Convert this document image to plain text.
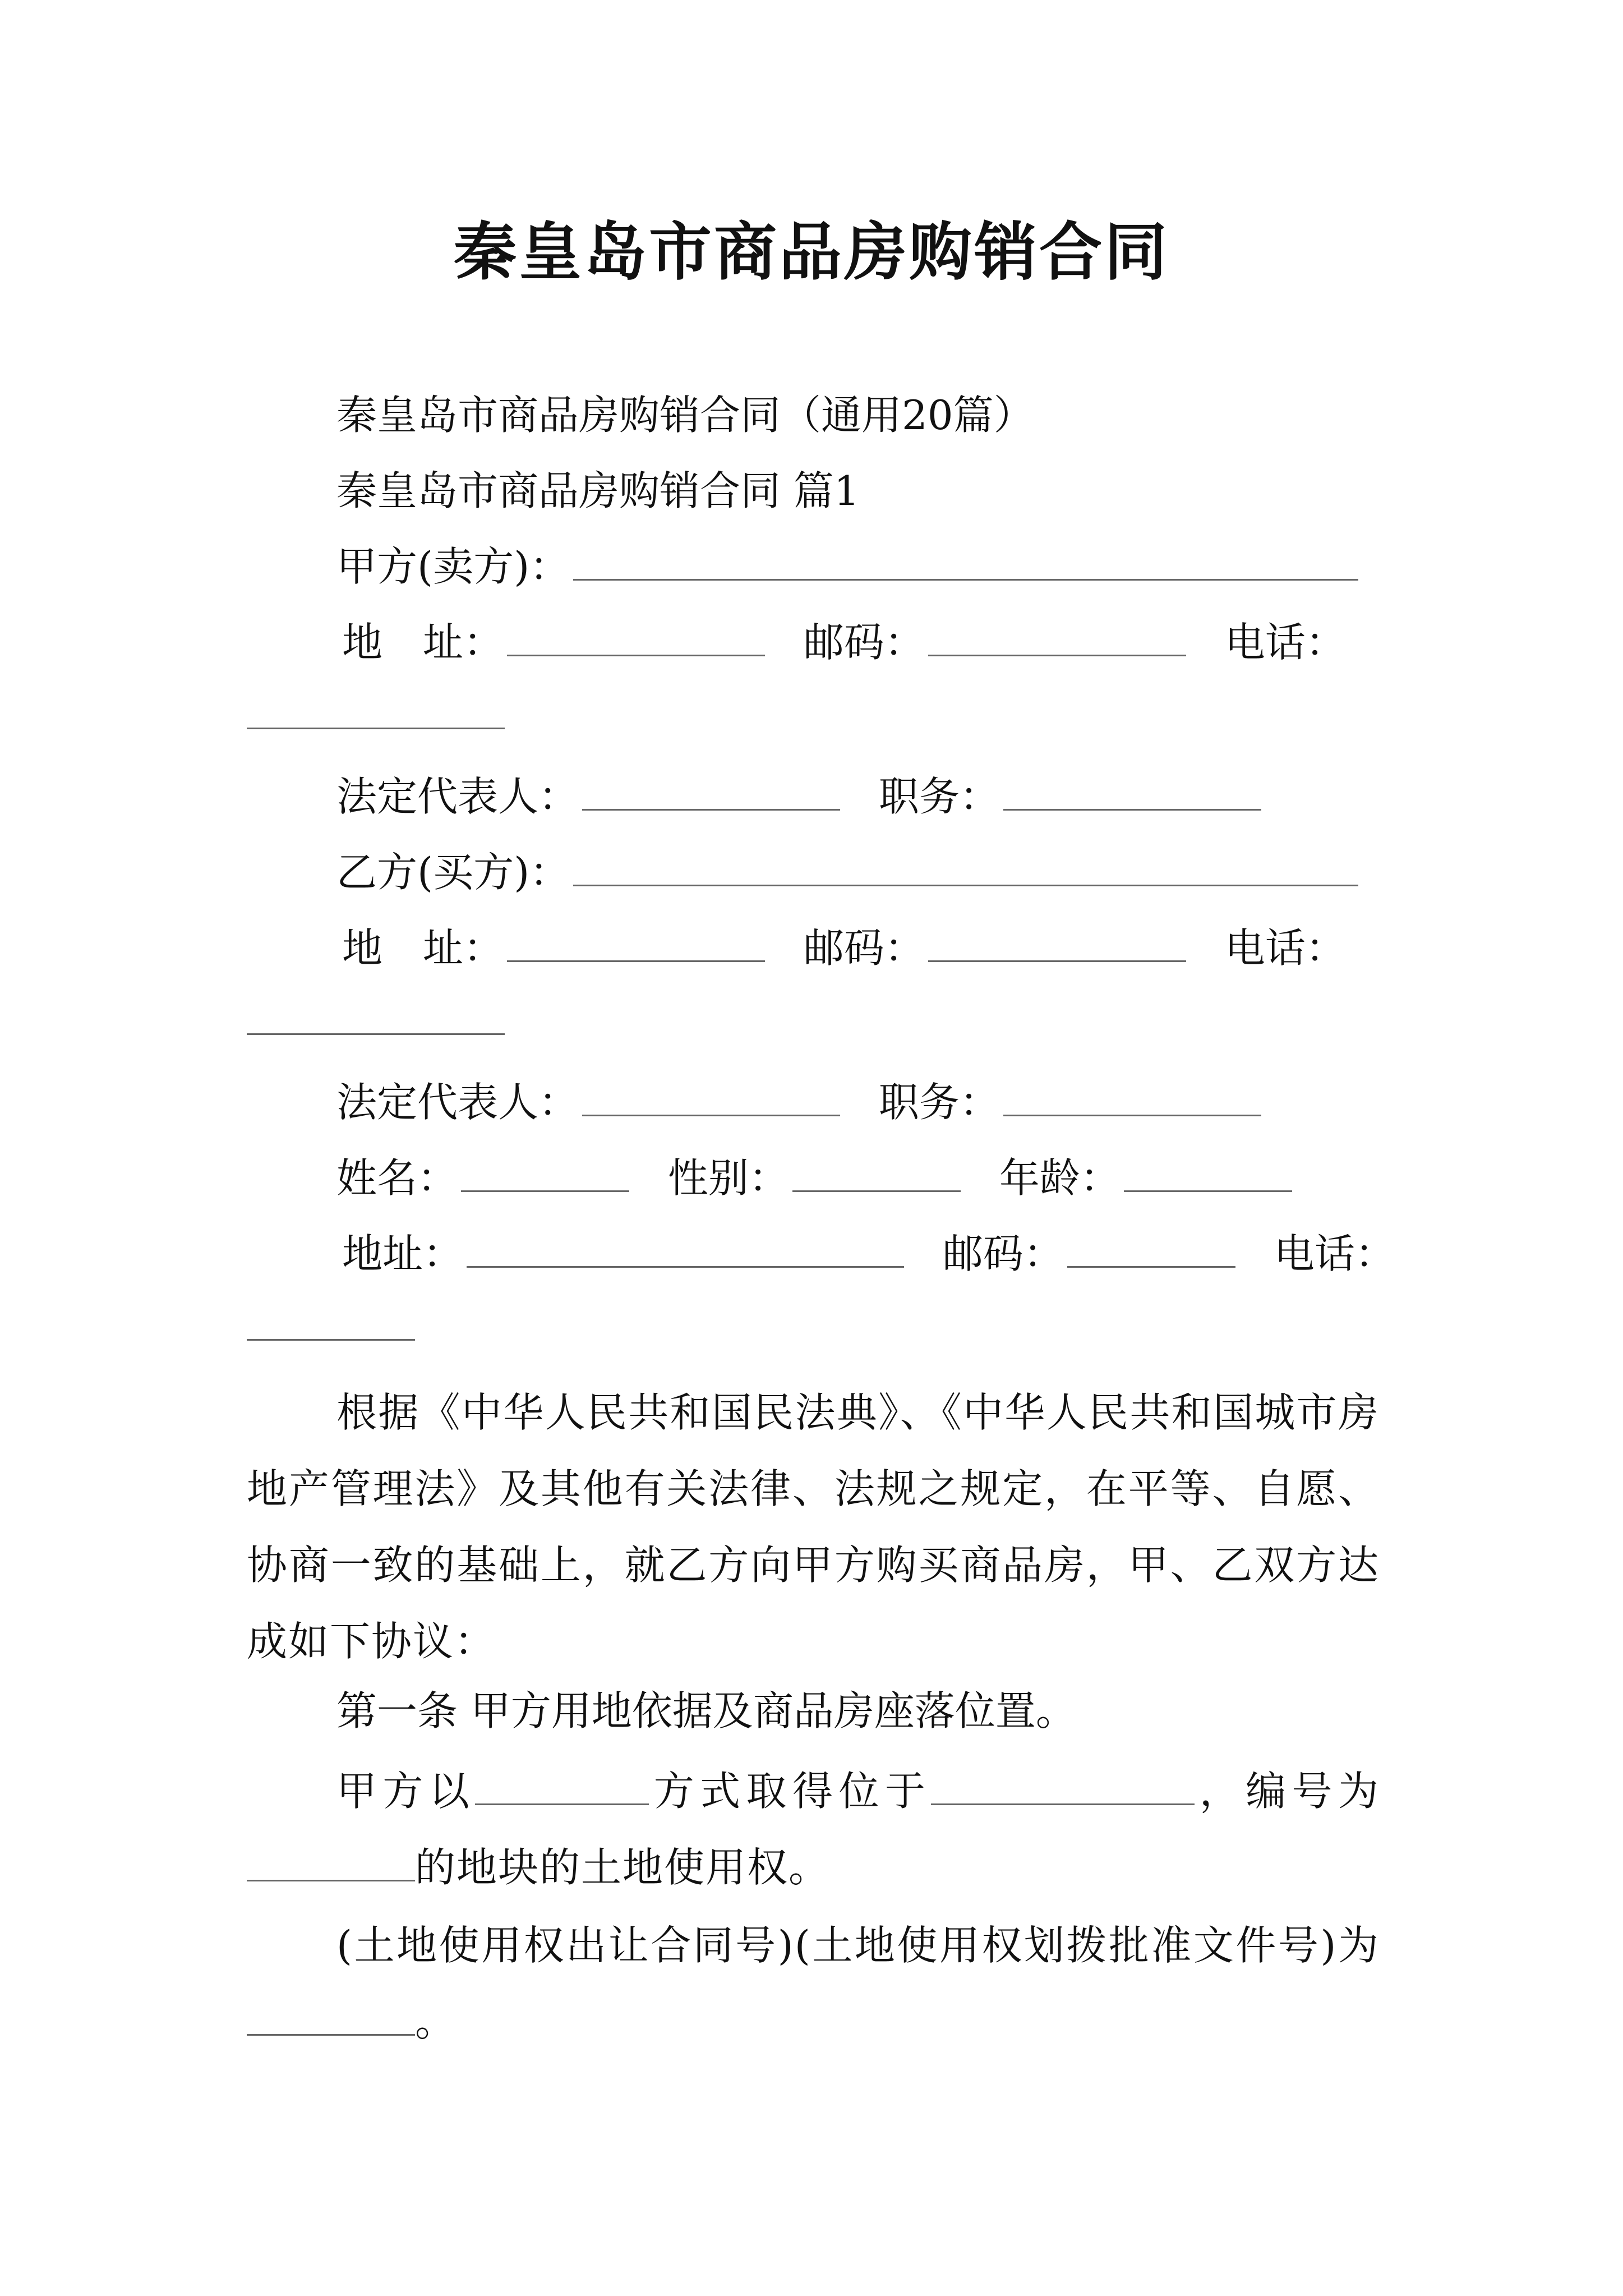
秦皇岛市商品房购销合同
秦皇岛市商品房购销合同（通用20篇）
秦皇岛市商品房购销合同 篇1
甲方(卖方)：
地　址：	邮码：	电话：
法定代表人：	职务：
乙方(买方)：
地　址：	邮码：	电话：
法定代表人：	职务：
姓名：	性别：	年龄：
地址：	邮码：	电话：
根据《中华人民共和国民法典》、《中华人民共和国城市房地产管理法》及其他有关法律、法规之规定，在平等、自愿、协商一致的基础上，就乙方向甲方购买商品房，甲、乙双方达成如下协议：
第一条 甲方用地依据及商品房座落位置。
甲方以	方式取得位于	，编号为的地块的土地使用权。
(土地使用权出让合同号)(土地使用权划拨批准文件号)为。
